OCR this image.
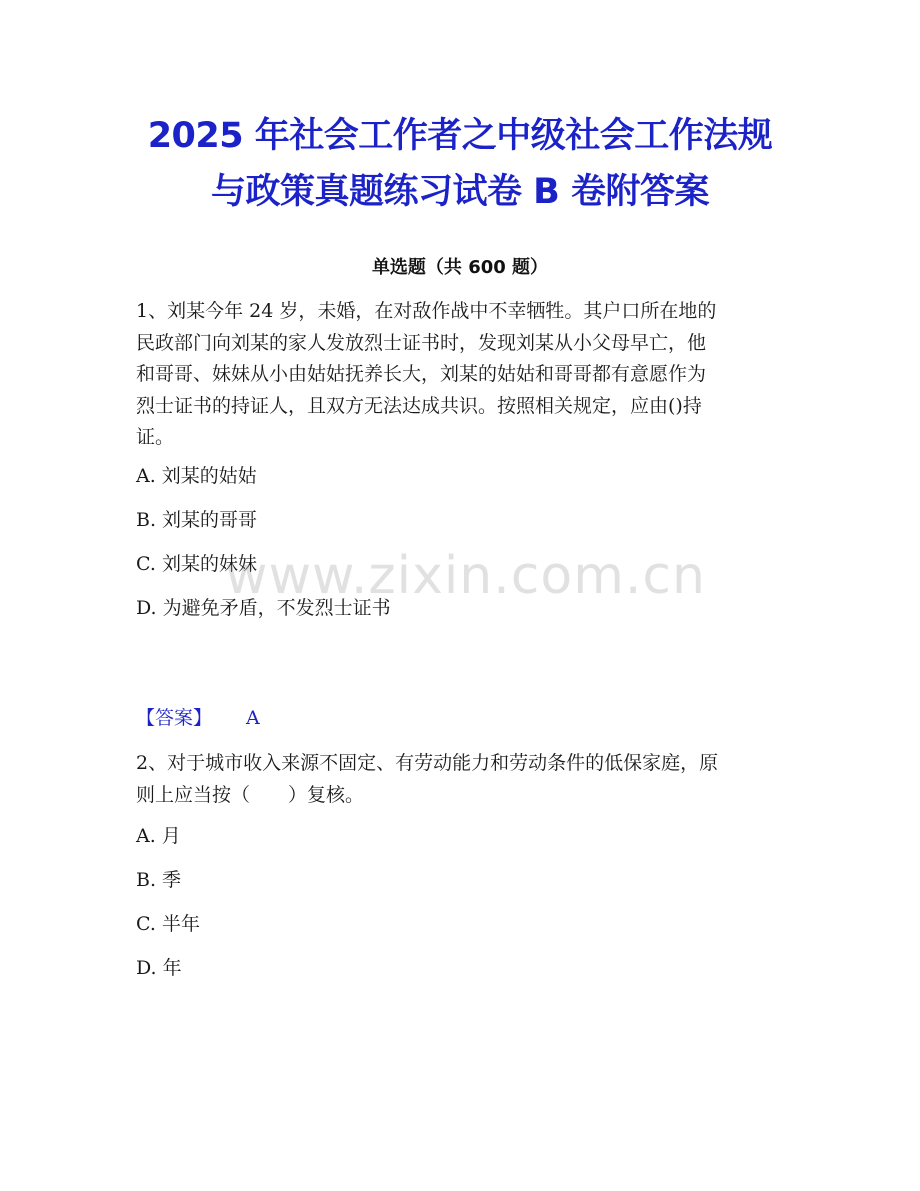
2025 年社会工作者之中级社会工作法规
与政策真题练习试卷 B 卷附答案
单选题（共 600 题）
1、刘某今年 24 岁，未婚，在对敌作战中不幸牺牲。其户口所在地的
民政部门向刘某的家人发放烈士证书时，发现刘某从小父母早亡，他
和哥哥、妹妹从小由姑姑抚养长大，刘某的姑姑和哥哥都有意愿作为
烈士证书的持证人，且双方无法达成共识。按照相关规定，应由()持
证。
A. 刘某的姑姑
B. 刘某的哥哥
C. 刘某的妹妹
D. 为避免矛盾，不发烈士证书
【答案】 A
2、对于城市收入来源不固定、有劳动能力和劳动条件的低保家庭，原
则上应当按（　　）复核。
A. 月
B. 季
C. 半年
D. 年
www.zixin.com.cn
